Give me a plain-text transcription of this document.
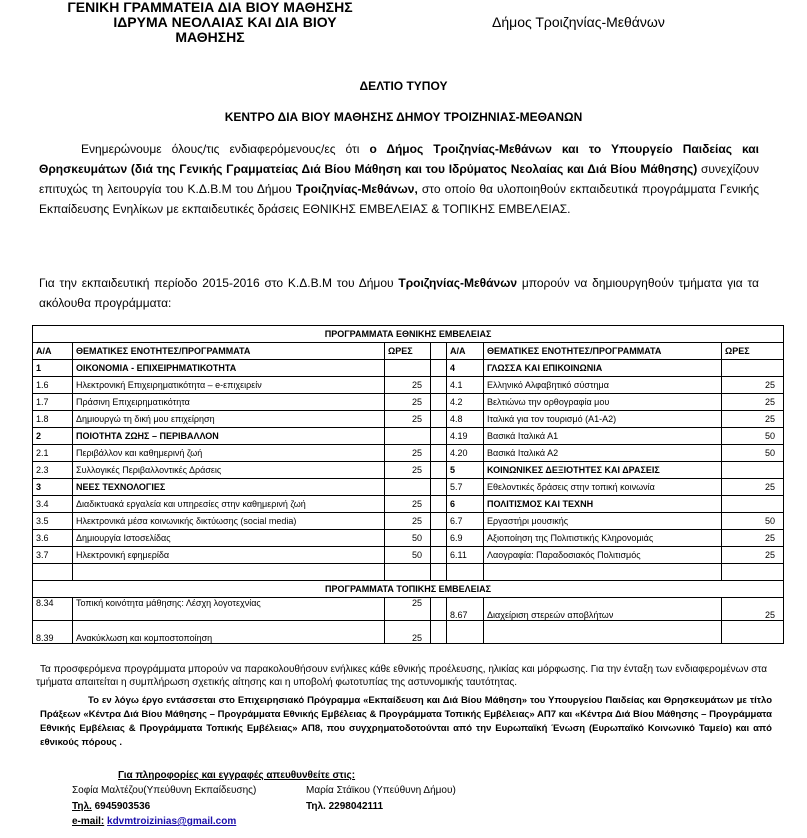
ΓΕΝΙΚΗ ΓΡΑΜΜΑΤΕΙΑ ΔΙΑ ΒΙΟΥ ΜΑΘΗΣΗΣ
ΙΔΡΥΜΑ ΝΕΟΛΑΙΑΣ ΚΑΙ ΔΙΑ ΒΙΟΥ
ΜΑΘΗΣΗΣ
Δήμος Τροιζηνίας-Μεθάνων
ΔΕΛΤΙΟ ΤΥΠΟΥ
ΚΕΝΤΡΟ ΔΙΑ ΒΙΟΥ ΜΑΘΗΣΗΣ ΔΗΜΟΥ ΤΡΟΙΖΗΝΙΑΣ-ΜΕΘΑΝΩΝ
Ενημερώνουμε όλους/τις ενδιαφερόμενους/ες ότι ο Δήμος Τροιζηνίας-Μεθάνων και το Υπουργείο Παιδείας και Θρησκευμάτων (διά της Γενικής Γραμματείας Διά Βίου Μάθηση και του Ιδρύματος Νεολαίας και Διά Βίου Μάθησης) συνεχίζουν επιτυχώς τη λειτουργία του Κ.Δ.Β.Μ του Δήμου Τροιζηνίας-Μεθάνων, στο οποίο θα υλοποιηθούν εκπαιδευτικά προγράμματα Γενικής Εκπαίδευσης Ενηλίκων με εκπαιδευτικές δράσεις ΕΘΝΙΚΗΣ ΕΜΒΕΛΕΙΑΣ & ΤΟΠΙΚΗΣ ΕΜΒΕΛΕΙΑΣ.
Για την εκπαιδευτική περίοδο 2015-2016 στο Κ.Δ.Β.Μ του Δήμου Τροιζηνίας-Μεθάνων μπορούν να δημιουργηθούν τμήματα για τα ακόλουθα προγράμματα:
ΠΡΟΓΡΑΜΜΑΤΑ ΕΘΝΙΚΗΣ ΕΜΒΕΛΕΙΑΣ						
Α/Α	ΘΕΜΑΤΙΚΕΣ ΕΝΟΤΗΤΕΣ/ΠΡΟΓΡΑΜΜΑΤΑ	ΩΡΕΣ		Α/Α	ΘΕΜΑΤΙΚΕΣ ΕΝΟΤΗΤΕΣ/ΠΡΟΓΡΑΜΜΑΤΑ	ΩΡΕΣ
1	ΟΙΚΟΝΟΜΙΑ - ΕΠΙΧΕΙΡΗΜΑΤΙΚΟΤΗΤΑ			4	ΓΛΩΣΣΑ ΚΑΙ ΕΠΙΚΟΙΝΩΝΙΑ	
1.6	Ηλεκτρονική Επιχειρηματικότητα – e-επιχειρείν	25		4.1	Ελληνικό Αλφαβητικό σύστημα	25
1.7	Πράσινη Επιχειρηματικότητα	25		4.2	Βελτιώνω την ορθογραφία μου	25
1.8	Δημιουργώ τη δική μου επιχείρηση	25		4.8	Ιταλικά για τον τουρισμό (Α1-Α2)	25
2	ΠΟΙΟΤΗΤΑ ΖΩΗΣ – ΠΕΡΙΒΑΛΛΟΝ			4.19	Βασικά Ιταλικά Α1	50
2.1	Περιβάλλον και καθημερινή ζωή	25		4.20	Βασικά Ιταλικά Α2	50
2.3	Συλλογικές Περιβαλλοντικές Δράσεις	25		5	ΚΟΙΝΩΝΙΚΕΣ ΔΕΞΙΟΤΗΤΕΣ ΚΑΙ ΔΡΑΣΕΙΣ	
3	ΝΕΕΣ ΤΕΧΝΟΛΟΓΙΕΣ			5.7	Εθελοντικές δράσεις στην τοπική κοινωνία	25
3.4	Διαδικτυακά εργαλεία και υπηρεσίες στην καθημερινή ζωή	25		6	ΠΟΛΙΤΙΣΜΟΣ ΚΑΙ ΤΕΧΝΗ	
3.5	Ηλεκτρονικά μέσα κοινωνικής δικτύωσης (social media)	25		6.7	Εργαστήρι μουσικής	50
3.6	Δημιουργία Ιστοσελίδας	50		6.9	Αξιοποίηση της Πολιτιστικής Κληρονομιάς	25
3.7	Ηλεκτρονική εφημερίδα	50		6.11	Λαογραφία: Παραδοσιακός Πολιτισμός	25

ΠΡΟΓΡΑΜΜΑΤΑ ΤΟΠΙΚΗΣ ΕΜΒΕΛΕΙΑΣ						
8.34	Τοπική κοινότητα μάθησης: Λέσχη λογοτεχνίας	25		8.67	Διαχείριση στερεών αποβλήτων	25
8.39	Ανακύκλωση και κομποστοποίηση	25				
Τα προσφερόμενα προγράμματα μπορούν να παρακολουθήσουν ενήλικες κάθε εθνικής προέλευσης, ηλικίας και μόρφωσης. Για την ένταξη των ενδιαφερομένων στα τμήματα απαιτείται η συμπλήρωση σχετικής αίτησης και η υποβολή φωτοτυπίας της αστυνομικής ταυτότητας.
Το εν λόγω έργο εντάσσεται στο Επιχειρησιακό Πρόγραμμα «Εκπαίδευση και Διά Βίου Μάθηση» του Υπουργείου Παιδείας και Θρησκευμάτων με τίτλο Πράξεων «Κέντρα Διά Βίου Μάθησης – Προγράμματα Εθνικής Εμβέλειας & Προγράμματα Τοπικής Εμβέλειας» ΑΠ7 και «Κέντρα Διά Βίου Μάθησης – Προγράμματα Εθνικής Εμβέλειας & Προγράμματα Τοπικής Εμβέλειας» ΑΠ8, που συγχρηματοδοτούνται από την Ευρωπαϊκή Ένωση (Ευρωπαϊκό Κοινωνικό Ταμείο) και από εθνικούς πόρους .
Για πληροφορίες και εγγραφές απευθυνθείτε στις:
Σοφία Μαλτέζου(Υπεύθυνη Εκπαίδευσης)	Μαρία Στάϊκου (Υπεύθυνη Δήμου)
Τηλ. 6945903536	Τηλ. 2298042111
e-mail: kdvmtroizinias@gmail.com
